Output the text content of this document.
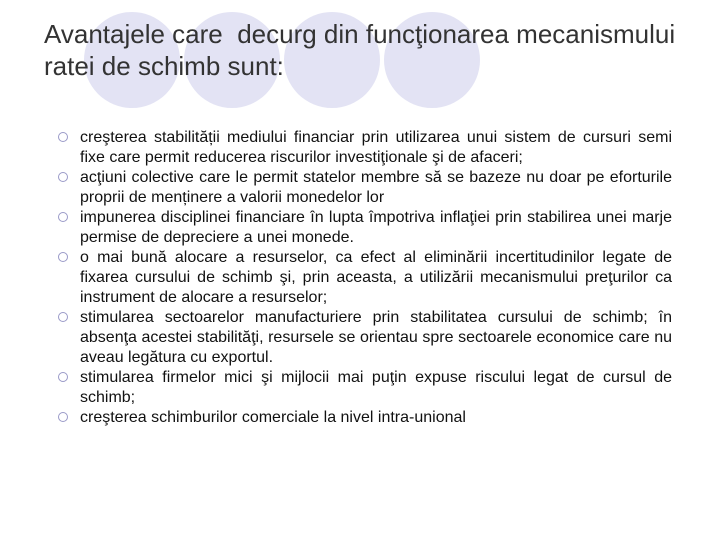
Avantajele care  decurg din funcţionarea mecanismului ratei de schimb sunt:
creşterea stabilității mediului financiar prin utilizarea unui sistem de cursuri semi fixe care permit reducerea riscurilor investiţionale şi de afaceri;
acţiuni colective care le permit statelor membre să se bazeze nu doar pe eforturile proprii de menținere a valorii monedelor lor
impunerea disciplinei financiare în lupta împotriva inflaţiei prin stabilirea unei marje permise de depreciere a unei monede.
o mai bună alocare a resurselor, ca efect al eliminării incertitudinilor legate de fixarea cursului de schimb şi, prin aceasta, a utilizării mecanismului preţurilor ca instrument de alocare a resurselor;
stimularea sectoarelor manufacturiere prin stabilitatea cursului de schimb; în absenţa acestei stabilităţi, resursele se orientau spre sectoarele economice care nu aveau legătura cu exportul.
stimularea firmelor mici şi mijlocii mai puţin expuse riscului legat de cursul de schimb;
creşterea schimburilor comerciale la nivel intra-unional
